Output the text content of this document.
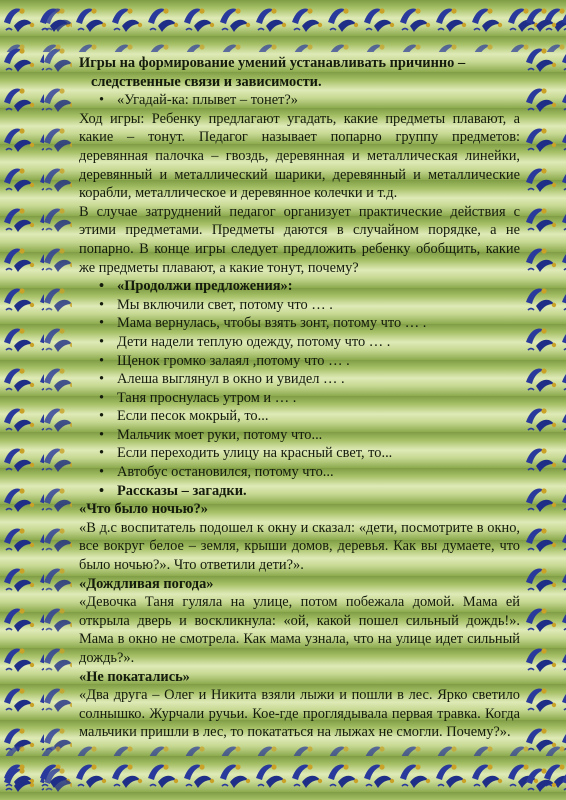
Игры на формирование умений устанавливать причинно –
следственные связи и зависимости.

• «Угадай-ка: плывет – тонет?»

Ход игры: Ребенку предлагают угадать, какие предметы плавают, а какие – тонут. Педагог называет попарно группу предметов: деревянная палочка – гвоздь, деревянная и металлическая линейки, деревянный и металлический шарики, деревянный и металлические корабли, металлическое и деревянное колечки и т.д.

В случае затруднений педагог организует практические действия с этими предметами. Предметы даются в случайном порядке, а не попарно. В конце игры следует предложить ребенку обобщить, какие же предметы плавают, а какие тонут, почему?

• «Продолжи предложения»:

• Мы включили свет, потому что … .

• Мама вернулась, чтобы взять зонт, потому что … .

• Дети надели теплую одежду, потому что … .

• Щенок громко залаял ,потому что … .

• Алеша выглянул в окно и увидел … .

• Таня проснулась утром и … .

• Если песок мокрый, то...

• Мальчик моет руки, потому что...

• Если переходить улицу на красный свет, то...

• Автобус остановился, потому что...

• Рассказы – загадки.

«Что было ночью?»

«В д.с воспитатель подошел к окну и сказал: «дети, посмотрите в окно, все вокруг белое – земля, крыши домов, деревья. Как вы думаете, что было ночью?». Что ответили дети?».

«Дождливая погода»

«Девочка Таня гуляла на улице, потом побежала домой. Мама ей открыла дверь и воскликнула: «ой, какой пошел сильный дождь!». Мама в окно не смотрела. Как мама узнала, что на улице идет сильный дождь?».

«Не покатались»

«Два друга – Олег и Никита взяли лыжи и пошли в лес. Ярко светило солнышко. Журчали ручьи. Кое-где проглядывала первая травка. Когда мальчики пришли в лес, то покататься на лыжах не смогли. Почему?».
